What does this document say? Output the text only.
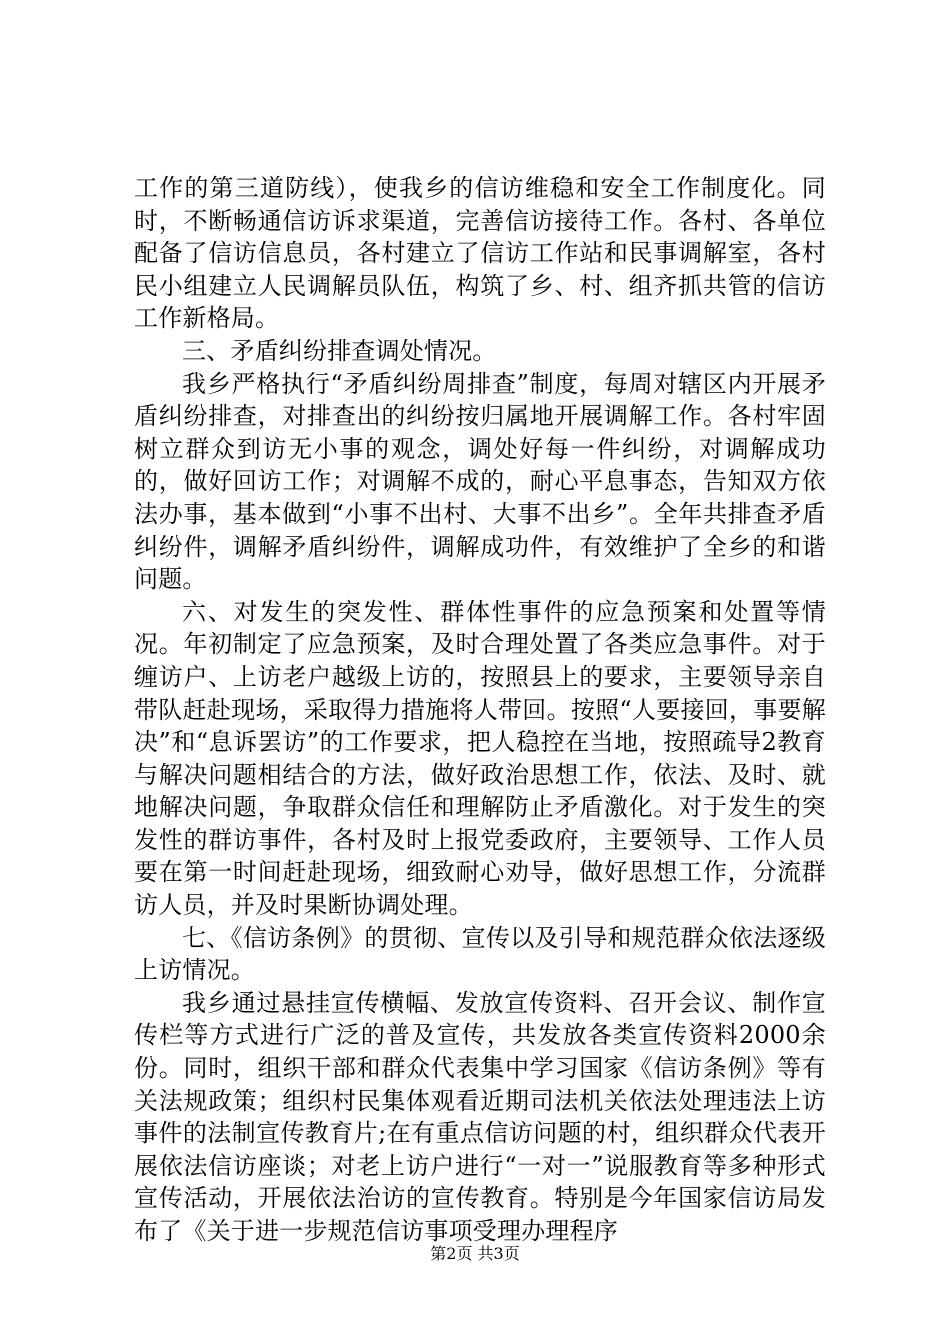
工作的第三道防线），使我乡的信访维稳和安全工作制度化。同时，不断畅通信访诉求渠道，完善信访接待工作。各村、各单位配备了信访信息员，各村建立了信访工作站和民事调解室，各村民小组建立人民调解员队伍，构筑了乡、村、组齐抓共管的信访工作新格局。

三、矛盾纠纷排查调处情况。

我乡严格执行“矛盾纠纷周排查”制度，每周对辖区内开展矛盾纠纷排查，对排查出的纠纷按归属地开展调解工作。各村牢固树立群众到访无小事的观念，调处好每一件纠纷，对调解成功的，做好回访工作；对调解不成的，耐心平息事态，告知双方依法办事，基本做到“小事不出村、大事不出乡”。全年共排查矛盾纠纷件，调解矛盾纠纷件，调解成功件，有效维护了全乡的和谐问题。

六、对发生的突发性、群体性事件的应急预案和处置等情况。年初制定了应急预案，及时合理处置了各类应急事件。对于缠访户、上访老户越级上访的，按照县上的要求，主要领导亲自带队赶赴现场，采取得力措施将人带回。按照“人要接回，事要解决”和“息诉罢访”的工作要求，把人稳控在当地，按照疏导2教育与解决问题相结合的方法，做好政治思想工作，依法、及时、就地解决问题，争取群众信任和理解防止矛盾激化。对于发生的突发性的群访事件，各村及时上报党委政府，主要领导、工作人员要在第一时间赶赴现场，细致耐心劝导，做好思想工作，分流群访人员，并及时果断协调处理。

七、《信访条例》的贯彻、宣传以及引导和规范群众依法逐级上访情况。

我乡通过悬挂宣传横幅、发放宣传资料、召开会议、制作宣传栏等方式进行广泛的普及宣传，共发放各类宣传资料2000余份。同时，组织干部和群众代表集中学习国家《信访条例》等有关法规政策；组织村民集体观看近期司法机关依法处理违法上访事件的法制宣传教育片;在有重点信访问题的村，组织群众代表开展依法信访座谈；对老上访户进行“一对一”说服教育等多种形式宣传活动，开展依法治访的宣传教育。特别是今年国家信访局发布了《关于进一步规范信访事项受理办理程序

第2页 共3页
